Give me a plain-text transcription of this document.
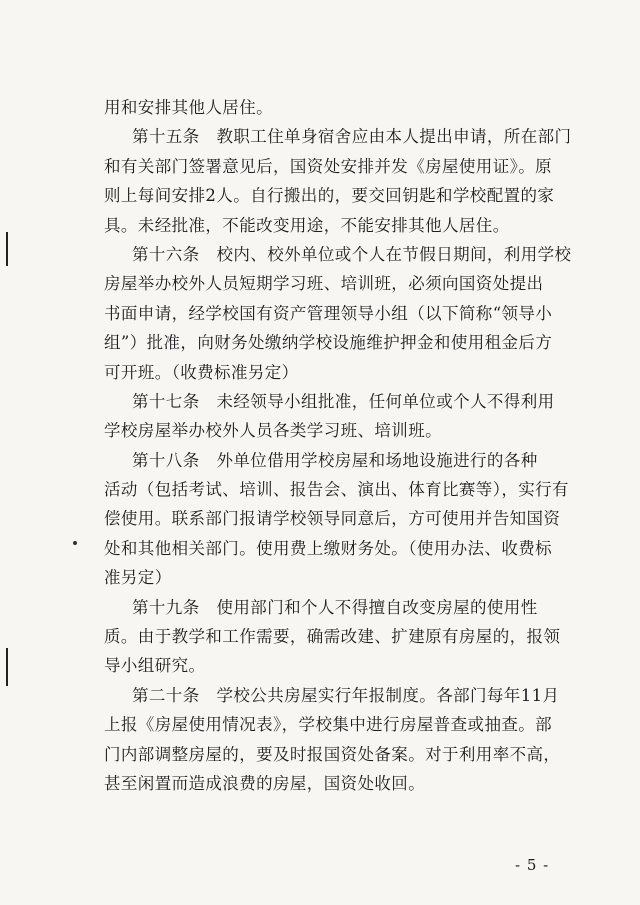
用和安排其他人居住。
第十五条　教职工住单身宿舍应由本人提出申请，所在部门
和有关部门签署意见后，国资处安排并发《房屋使用证》。原
则上每间安排2人。自行搬出的，要交回钥匙和学校配置的家
具。未经批准，不能改变用途，不能安排其他人居住。
第十六条　校内、校外单位或个人在节假日期间，利用学校
房屋举办校外人员短期学习班、培训班，必须向国资处提出
书面申请，经学校国有资产管理领导小组（以下简称“领导小
组”）批准，向财务处缴纳学校设施维护押金和使用租金后方
可开班。（收费标准另定）
第十七条　未经领导小组批准，任何单位或个人不得利用
学校房屋举办校外人员各类学习班、培训班。
第十八条　外单位借用学校房屋和场地设施进行的各种
活动（包括考试、培训、报告会、演出、体育比赛等），实行有
偿使用。联系部门报请学校领导同意后，方可使用并告知国资
处和其他相关部门。使用费上缴财务处。（使用办法、收费标
准另定）
第十九条　使用部门和个人不得擅自改变房屋的使用性
质。由于教学和工作需要，确需改建、扩建原有房屋的，报领
导小组研究。
第二十条　学校公共房屋实行年报制度。各部门每年11月
上报《房屋使用情况表》，学校集中进行房屋普查或抽查。部
门内部调整房屋的，要及时报国资处备案。对于利用率不高，
甚至闲置而造成浪费的房屋，国资处收回。
- 5 -
